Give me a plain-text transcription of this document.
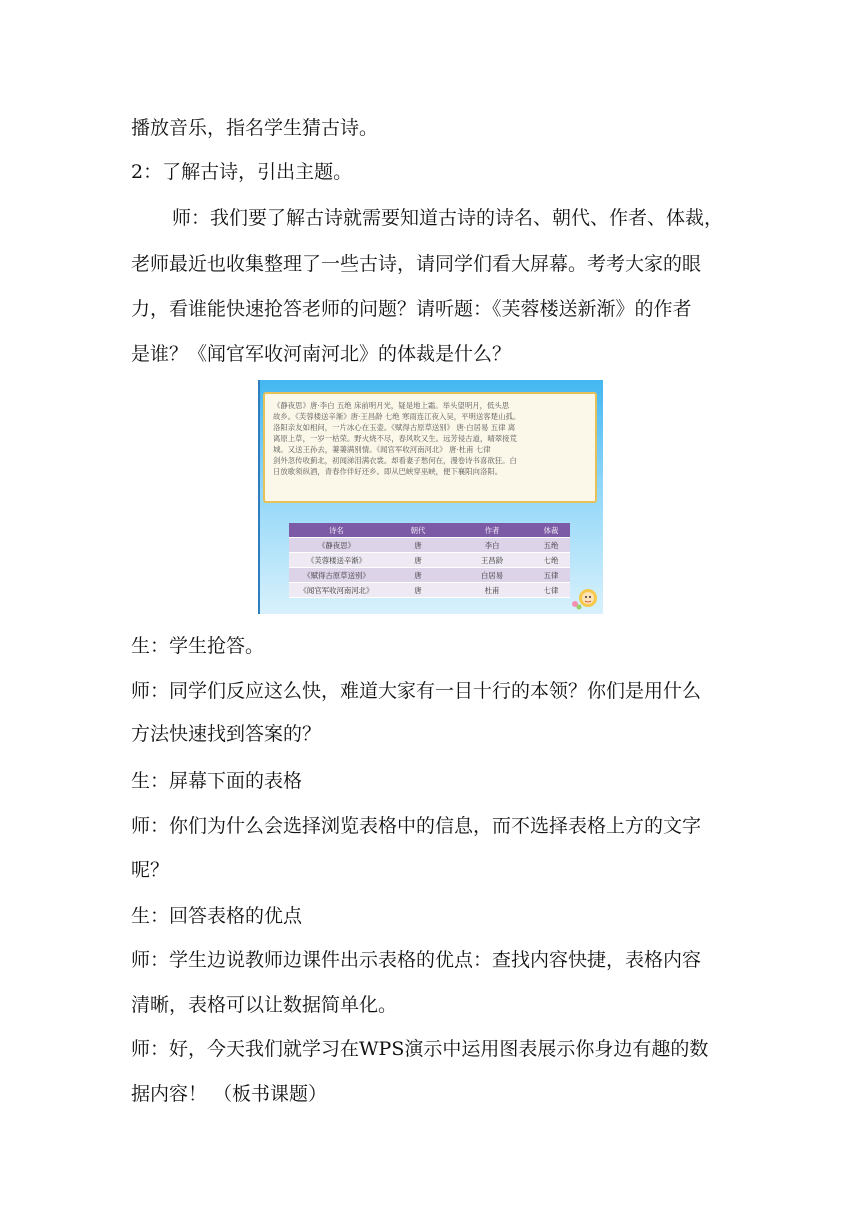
播放音乐，指名学生猜古诗。
2：了解古诗，引出主题。
师：我们要了解古诗就需要知道古诗的诗名、朝代、作者、体裁，
老师最近也收集整理了一些古诗，请同学们看大屏幕。考考大家的眼
力，看谁能快速抢答老师的问题？请听题：《芙蓉楼送新渐》的作者
是谁？《闻官军收河南河北》的体裁是什么？
《静夜思》唐·李白 五绝 床前明月光，疑是地上霜。举头望明月，低头思
故乡。《芙蓉楼送辛渐》唐·王昌龄 七绝 寒雨连江夜入吴，平明送客楚山孤。
洛阳亲友如相问，一片冰心在玉壶。《赋得古原草送别》 唐·白居易 五律 离
离原上草，一岁一枯荣。野火烧不尽，春风吹又生。远芳侵古道，晴翠接荒
城。又送王孙去，萋萋满别情。《闻官军收河南河北》 唐·杜甫 七律
剑外忽传收蓟北，初闻涕泪满衣裳。却看妻子愁何在，漫卷诗书喜欲狂。白
日放歌须纵酒，青春作伴好还乡。即从巴峡穿巫峡，便下襄阳向洛阳。
诗名	朝代	作者	体裁
《静夜思》	唐	李白	五绝
《芙蓉楼送辛渐》	唐	王昌龄	七绝
《赋得古原草送别》	唐	白居易	五律
《闻官军收河南河北》	唐	杜甫	七律
生：学生抢答。
师：同学们反应这么快，难道大家有一目十行的本领？你们是用什么
方法快速找到答案的？
生：屏幕下面的表格
师：你们为什么会选择浏览表格中的信息，而不选择表格上方的文字
呢？
生：回答表格的优点
师：学生边说教师边课件出示表格的优点：查找内容快捷，表格内容
清晰，表格可以让数据简单化。
师：好，今天我们就学习在WPS演示中运用图表展示你身边有趣的数
据内容！ （板书课题）
